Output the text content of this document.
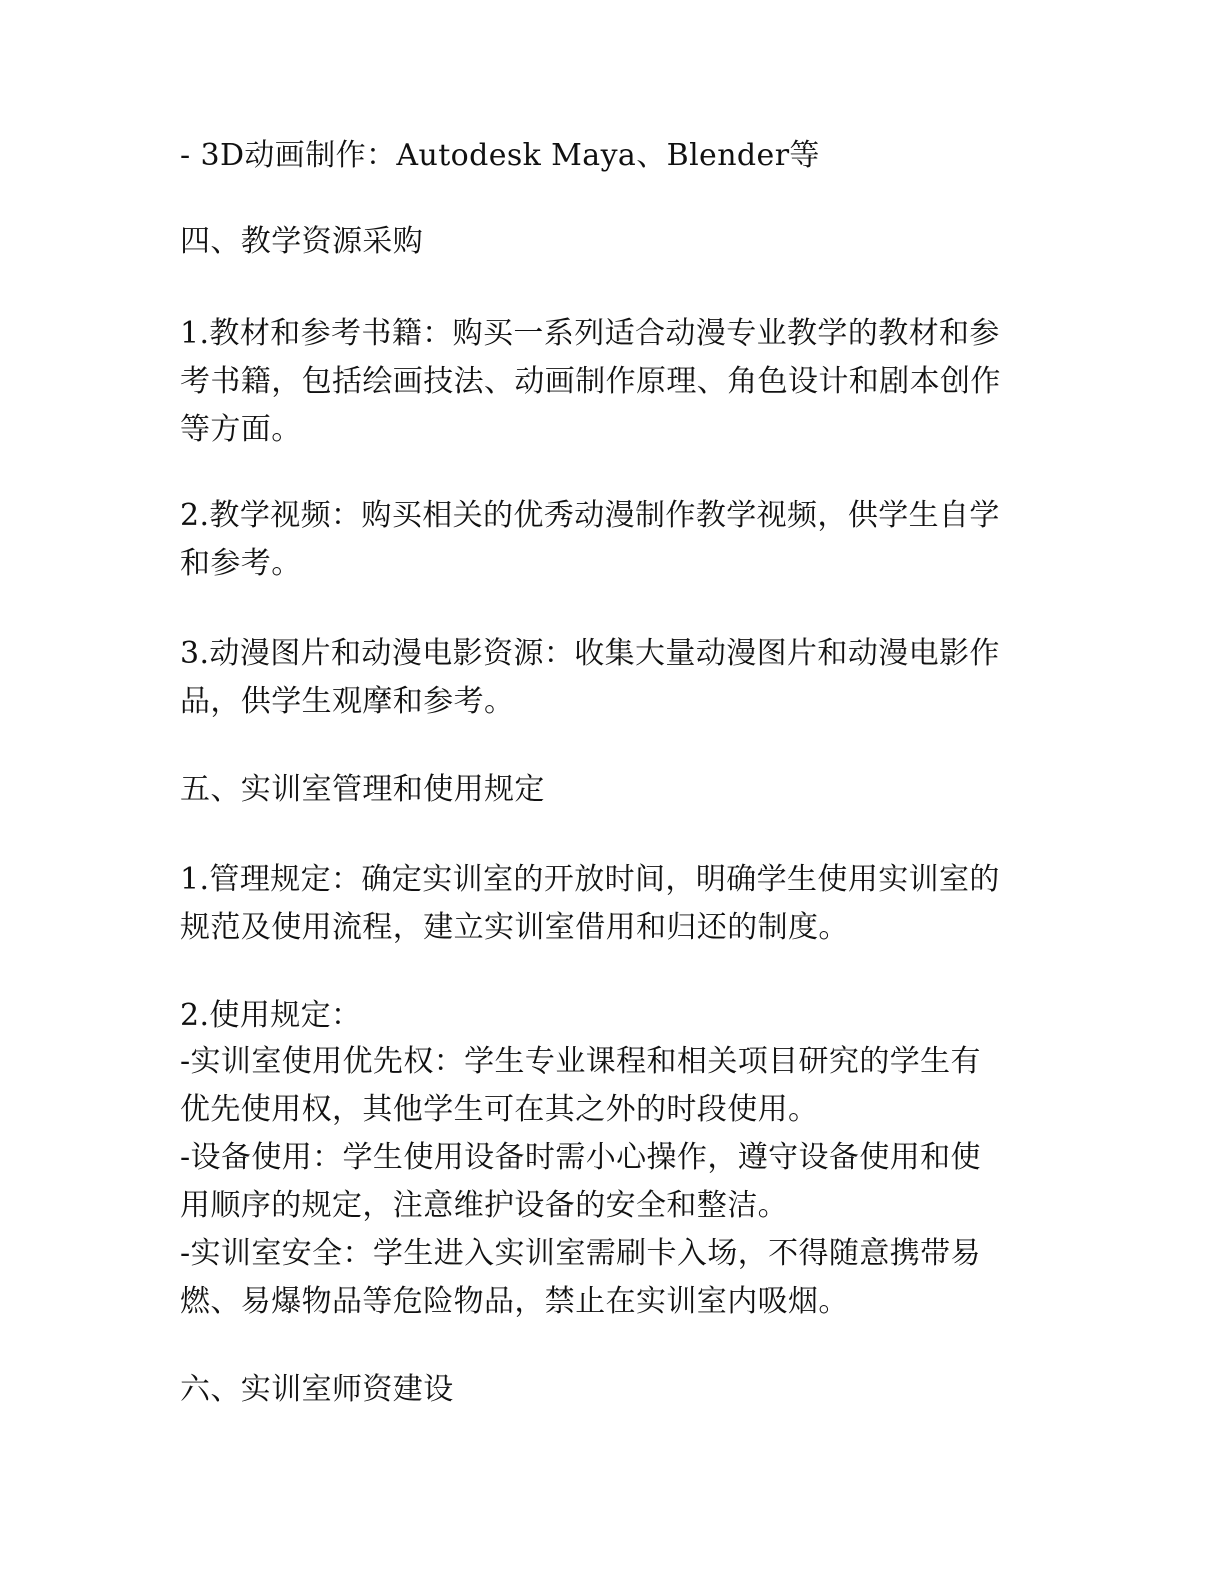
- 3D动画制作：Autodesk Maya、Blender等
四、教学资源采购
1.教材和参考书籍：购买一系列适合动漫专业教学的教材和参
考书籍，包括绘画技法、动画制作原理、角色设计和剧本创作
等方面。
2.教学视频：购买相关的优秀动漫制作教学视频，供学生自学
和参考。
3.动漫图片和动漫电影资源：收集大量动漫图片和动漫电影作
品，供学生观摩和参考。
五、实训室管理和使用规定
1.管理规定：确定实训室的开放时间，明确学生使用实训室的
规范及使用流程，建立实训室借用和归还的制度。
2.使用规定：
-实训室使用优先权：学生专业课程和相关项目研究的学生有
优先使用权，其他学生可在其之外的时段使用。
-设备使用：学生使用设备时需小心操作，遵守设备使用和使
用顺序的规定，注意维护设备的安全和整洁。
-实训室安全：学生进入实训室需刷卡入场，不得随意携带易
燃、易爆物品等危险物品，禁止在实训室内吸烟。
六、实训室师资建设
